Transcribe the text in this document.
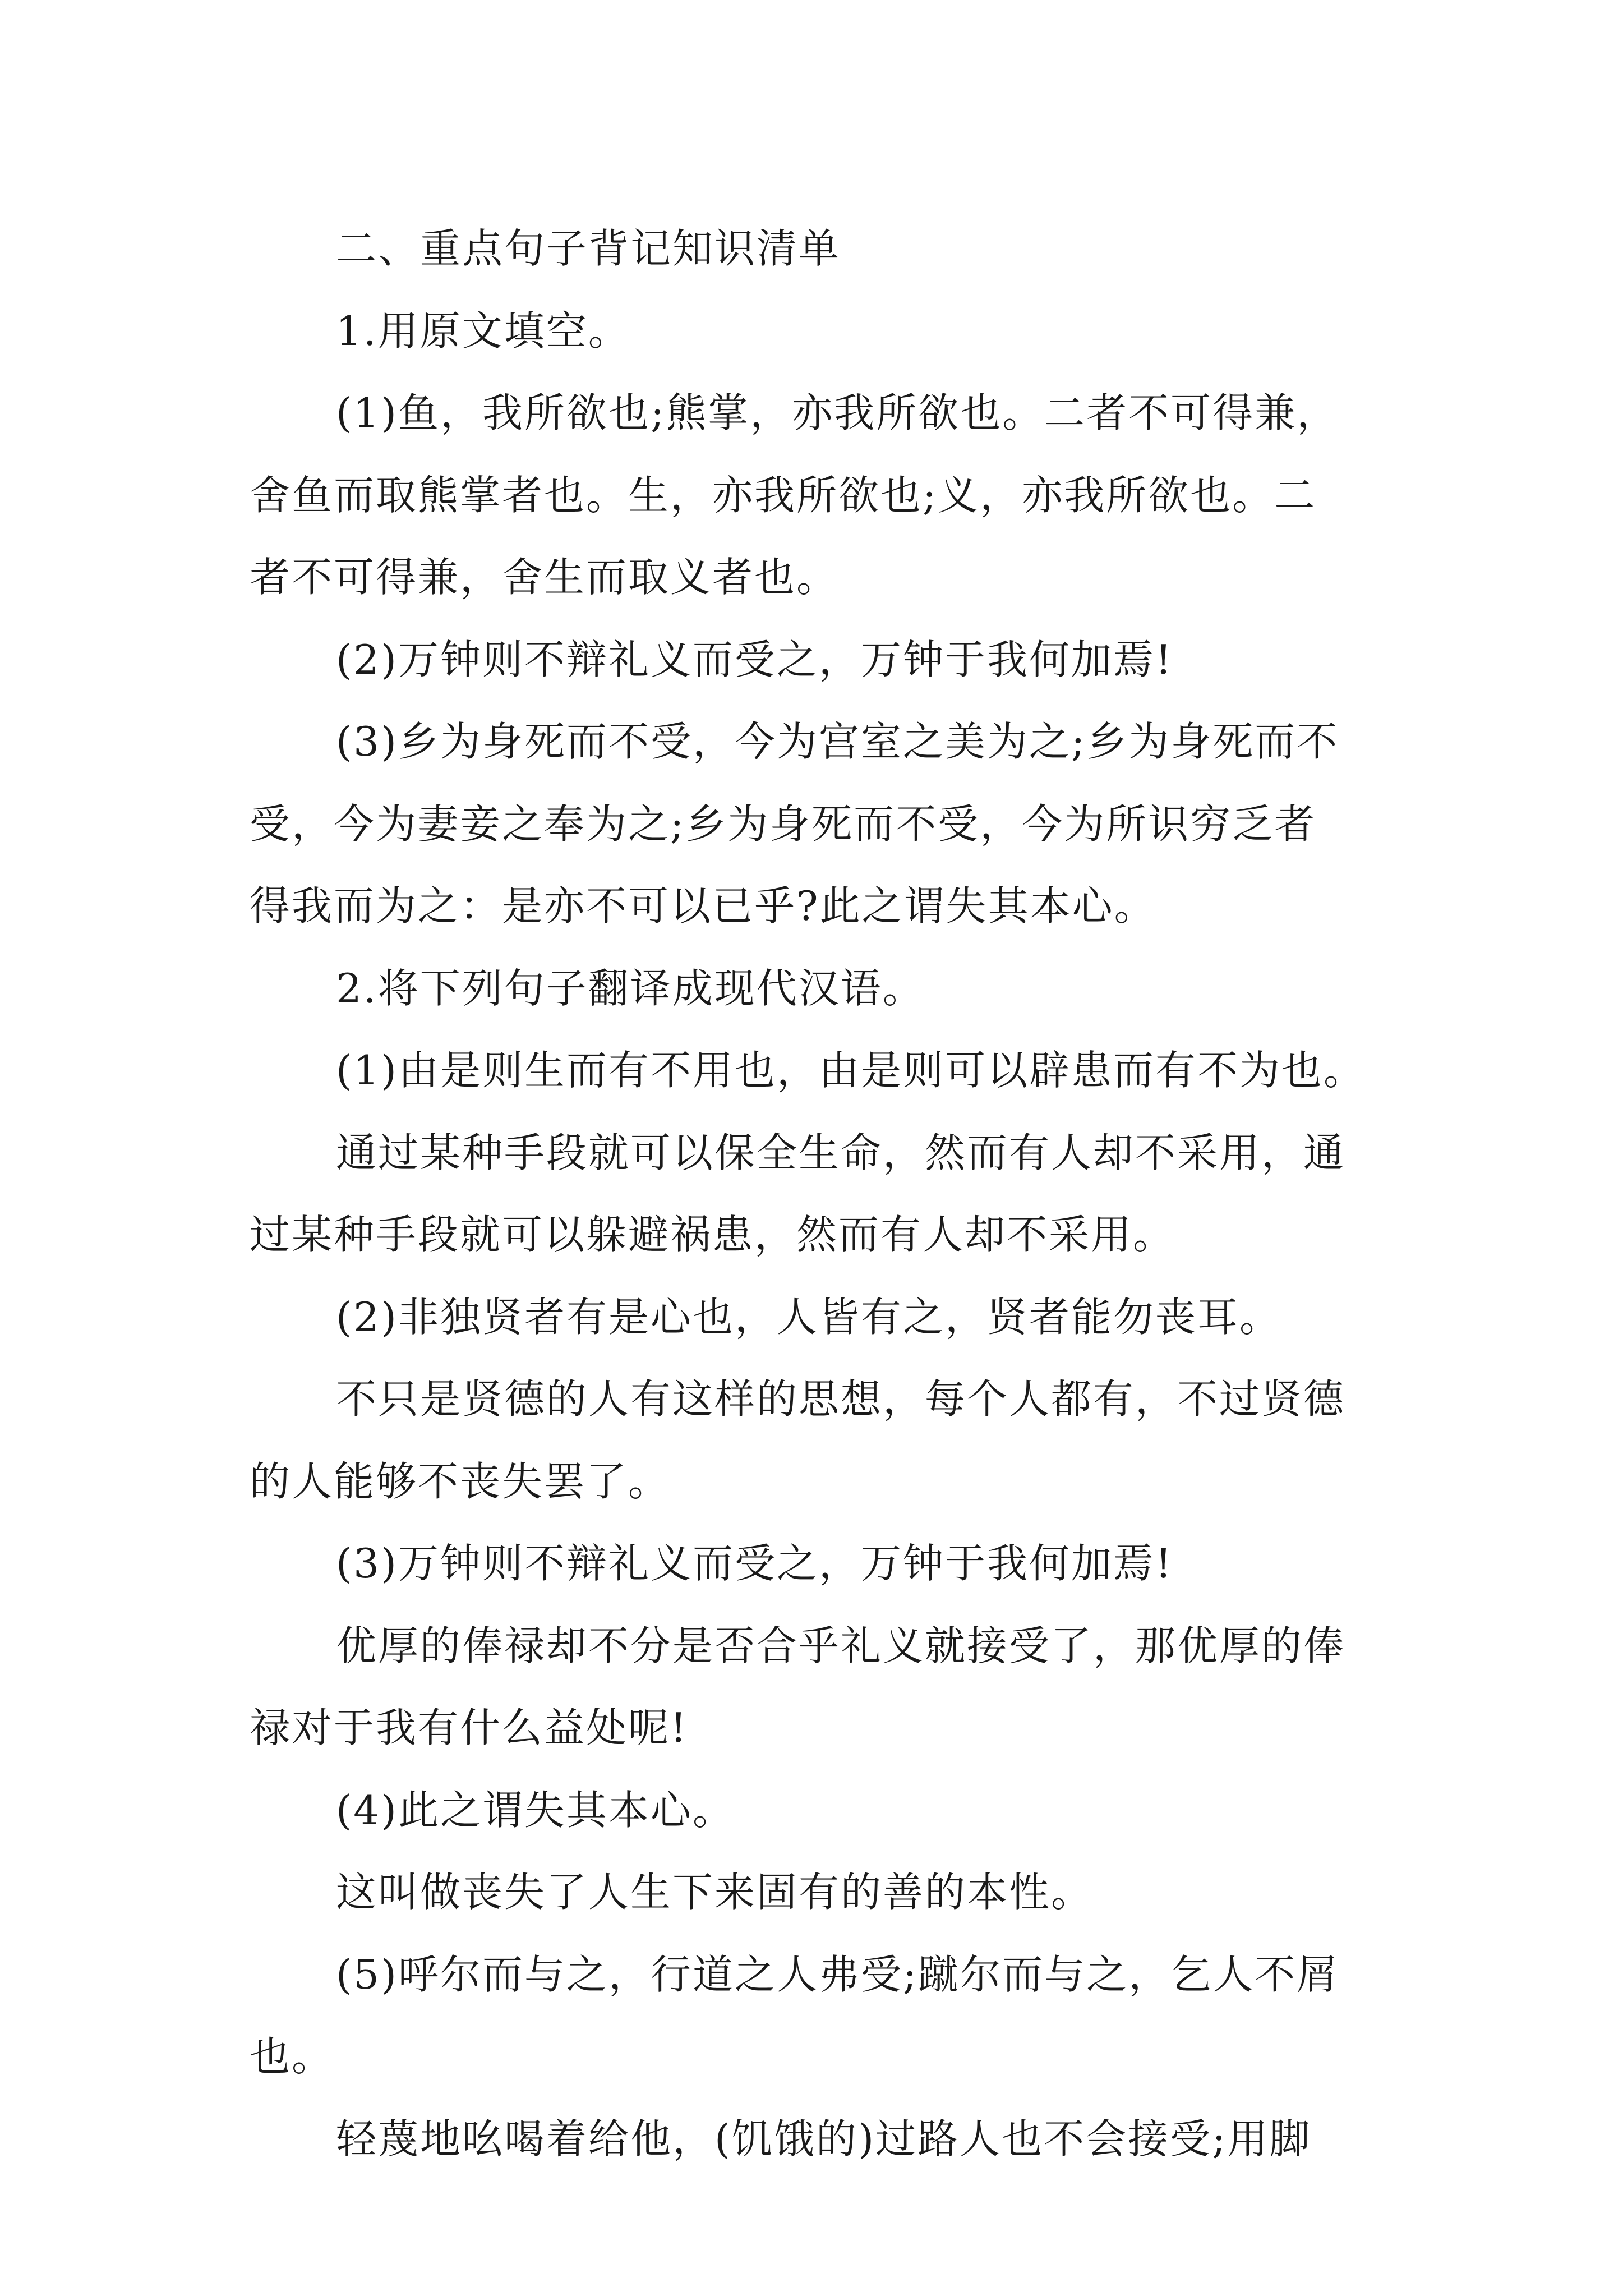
二、重点句子背记知识清单
1.用原文填空。
(1)鱼，我所欲也;熊掌，亦我所欲也。二者不可得兼，
舍鱼而取熊掌者也。生，亦我所欲也;义，亦我所欲也。二
者不可得兼，舍生而取义者也。
(2)万钟则不辩礼义而受之，万钟于我何加焉!
(3)乡为身死而不受，今为宫室之美为之;乡为身死而不
受，今为妻妾之奉为之;乡为身死而不受，今为所识穷乏者
得我而为之：是亦不可以已乎?此之谓失其本心。
2.将下列句子翻译成现代汉语。
(1)由是则生而有不用也，由是则可以辟患而有不为也。
通过某种手段就可以保全生命，然而有人却不采用，通
过某种手段就可以躲避祸患，然而有人却不采用。
(2)非独贤者有是心也，人皆有之，贤者能勿丧耳。
不只是贤德的人有这样的思想，每个人都有，不过贤德
的人能够不丧失罢了。
(3)万钟则不辩礼义而受之，万钟于我何加焉!
优厚的俸禄却不分是否合乎礼义就接受了，那优厚的俸
禄对于我有什么益处呢!
(4)此之谓失其本心。
这叫做丧失了人生下来固有的善的本性。
(5)呼尔而与之，行道之人弗受;蹴尔而与之，乞人不屑
也。
轻蔑地吆喝着给他，(饥饿的)过路人也不会接受;用脚
